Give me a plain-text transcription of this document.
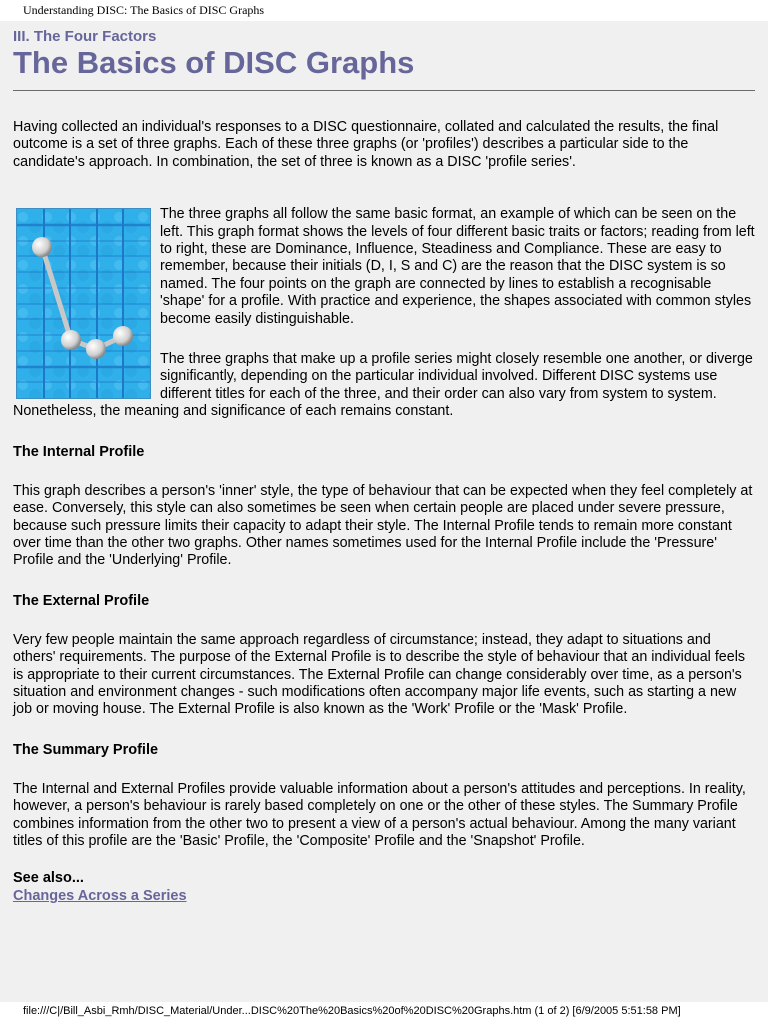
Understanding DISC: The Basics of DISC Graphs
III. The Four Factors
The Basics of DISC Graphs

Having collected an individual's responses to a DISC questionnaire, collated and calculated the results, the final outcome is a set of three graphs. Each of these three graphs (or 'profiles') describes a particular side to the candidate's approach. In combination, the set of three is known as a DISC 'profile series'.

The three graphs all follow the same basic format, an example of which can be seen on the left. This graph format shows the levels of four different basic traits or factors; reading from left to right, these are Dominance, Influence, Steadiness and Compliance. These are easy to remember, because their initials (D, I, S and C) are the reason that the DISC system is so named. The four points on the graph are connected by lines to establish a recognisable 'shape' for a profile. With practice and experience, the shapes associated with common styles become easily distinguishable.

The three graphs that make up a profile series might closely resemble one another, or diverge significantly, depending on the particular individual involved. Different DISC systems use different titles for each of the three, and their order can also vary from system to system. Nonetheless, the meaning and significance of each remains constant.

The Internal Profile

This graph describes a person's 'inner' style, the type of behaviour that can be expected when they feel completely at ease. Conversely, this style can also sometimes be seen when certain people are placed under severe pressure, because such pressure limits their capacity to adapt their style. The Internal Profile tends to remain more constant over time than the other two graphs. Other names sometimes used for the Internal Profile include the 'Pressure' Profile and the 'Underlying' Profile.

The External Profile

Very few people maintain the same approach regardless of circumstance; instead, they adapt to situations and others' requirements. The purpose of the External Profile is to describe the style of behaviour that an individual feels is appropriate to their current circumstances. The External Profile can change considerably over time, as a person's situation and environment changes - such modifications often accompany major life events, such as starting a new job or moving house. The External Profile is also known as the 'Work' Profile or the 'Mask' Profile.

The Summary Profile

The Internal and External Profiles provide valuable information about a person's attitudes and perceptions. In reality, however, a person's behaviour is rarely based completely on one or the other of these styles. The Summary Profile combines information from the other two to present a view of a person's actual behaviour. Among the many variant titles of this profile are the 'Basic' Profile, the 'Composite' Profile and the 'Snapshot' Profile.

See also...
Changes Across a Series
file:///C|/Bill_Asbi_Rmh/DISC_Material/Under...DISC%20The%20Basics%20of%20DISC%20Graphs.htm (1 of 2) [6/9/2005 5:51:58 PM]
